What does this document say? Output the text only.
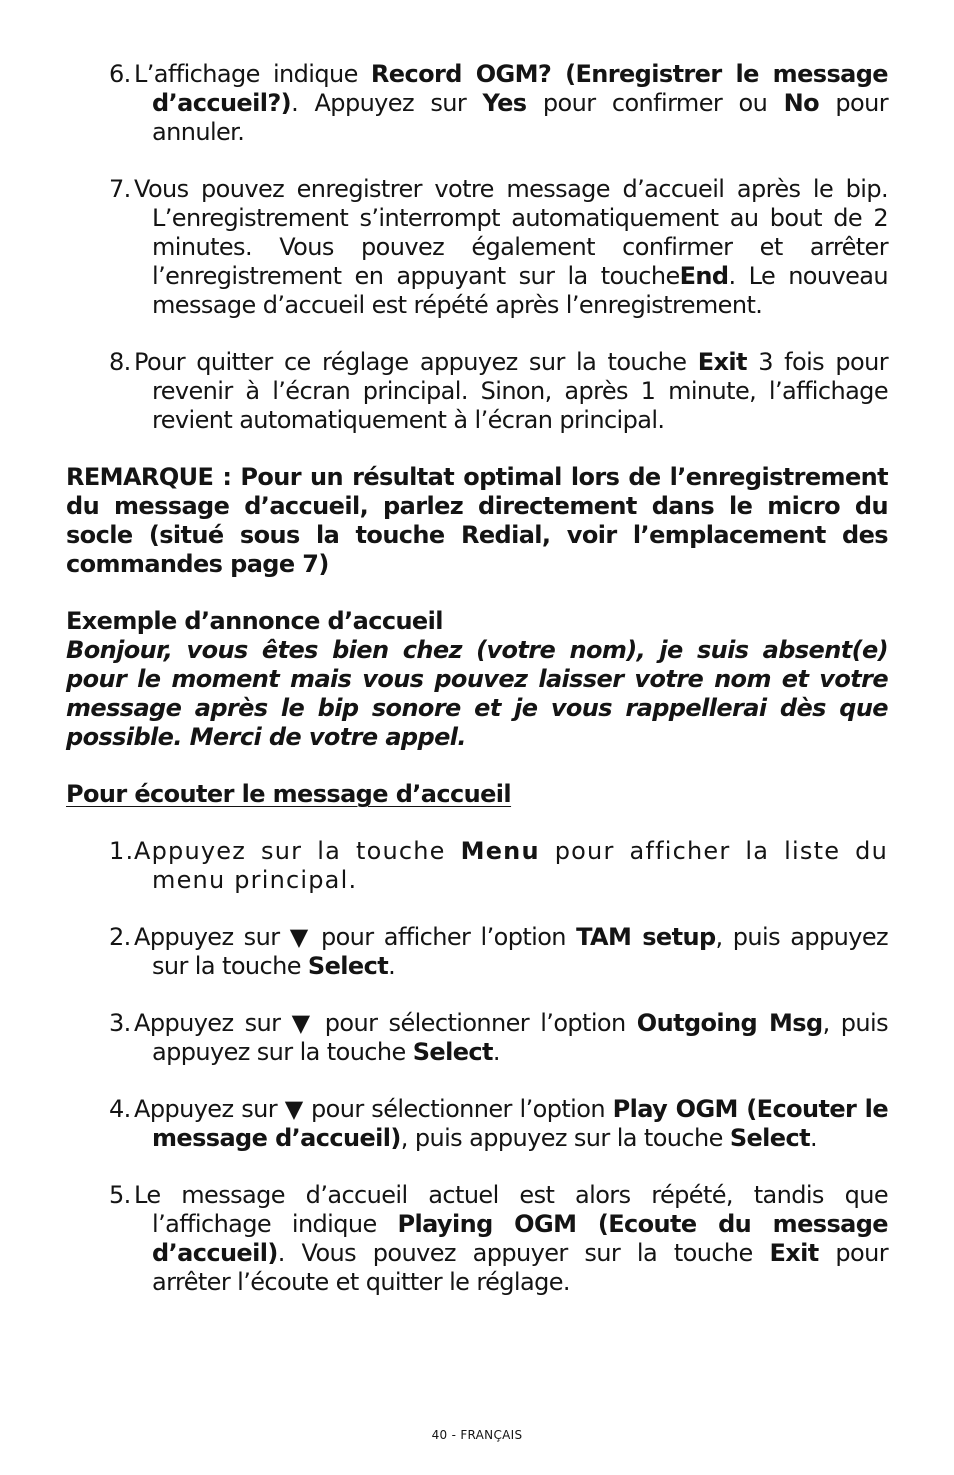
6. L’affichage indique Record OGM? (Enregistrer le message d’accueil?). Appuyez sur Yes pour confirmer ou No pour annuler.
7. Vous pouvez enregistrer votre message d’accueil après le bip. L’enregistrement s’interrompt automatiquement au bout de 2 minutes. Vous pouvez également confirmer et arrêter l’enregistrement en appuyant sur la toucheEnd. Le nouveau message d’accueil est répété après l’enregistrement.
8. Pour quitter ce réglage appuyez sur la touche Exit 3 fois pour revenir à l’écran principal. Sinon, après 1 minute, l’affichage revient automatiquement à l’écran principal.

REMARQUE : Pour un résultat optimal lors de l’enregistrement du message d’accueil, parlez directement dans le micro du socle (situé sous la touche Redial, voir l’emplacement des commandes page 7)

Exemple d’annonce d’accueil

Bonjour, vous êtes bien chez (votre nom), je suis absent(e) pour le moment mais vous pouvez laisser votre nom et votre message après le bip sonore et je vous rappellerai dès que possible. Merci de votre appel.

Pour écouter le message d’accueil

1. Appuyez sur la touche Menu pour afficher la liste du menu principal.
2. Appuyez sur ▼ pour afficher l’option TAM setup, puis appuyez sur la touche Select.
3. Appuyez sur ▼ pour sélectionner l’option Outgoing Msg, puis appuyez sur la touche Select.
4. Appuyez sur ▼ pour sélectionner l’option Play OGM (Ecouter le message d’accueil), puis appuyez sur la touche Select.
5. Le message d’accueil actuel est alors répété, tandis que l’affichage indique Playing OGM (Ecoute du message d’accueil). Vous pouvez appuyer sur la touche Exit pour arrêter l’écoute et quitter le réglage.
40 - FRANÇAIS
